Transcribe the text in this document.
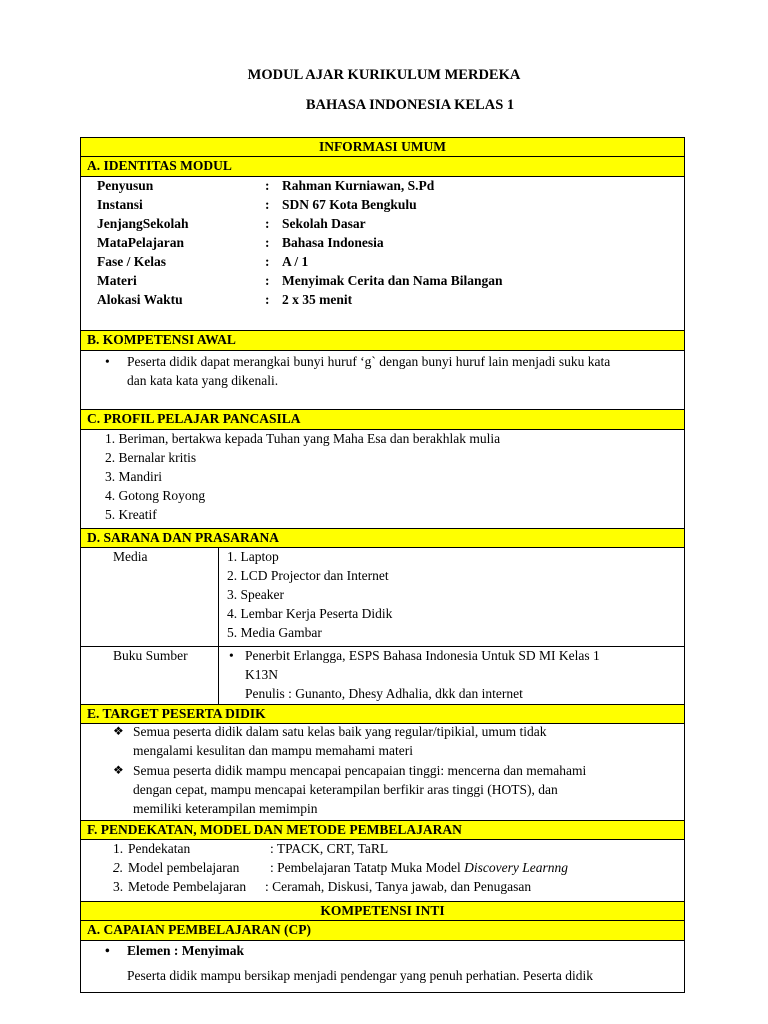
MODUL AJAR KURIKULUM MERDEKA
BAHASA INDONESIA KELAS 1
INFORMASI UMUM
A. IDENTITAS MODUL
Penyusun	: Rahman Kurniawan, S.Pd
Instansi	: SDN 67 Kota Bengkulu
JenjangSekolah	: Sekolah Dasar
MataPelajaran	: Bahasa Indonesia
Fase / Kelas	: A / 1
Materi	: Menyimak Cerita dan Nama Bilangan
Alokasi Waktu	: 2 x 35 menit
B. KOMPETENSI AWAL
• Peserta didik dapat merangkai bunyi huruf ‘g` dengan bunyi huruf lain menjadi suku kata
dan kata kata yang dikenali.
C. PROFIL PELAJAR PANCASILA
1. Beriman, bertakwa kepada Tuhan yang Maha Esa dan berakhlak mulia
2. Bernalar kritis
3. Mandiri
4. Gotong Royong
5. Kreatif
D. SARANA DAN PRASARANA
Media	1. Laptop
2. LCD Projector dan Internet
3. Speaker
4. Lembar Kerja Peserta Didik
5. Media Gambar
Buku Sumber	• Penerbit Erlangga, ESPS Bahasa Indonesia Untuk SD MI Kelas 1
K13N
Penulis : Gunanto, Dhesy Adhalia, dkk dan internet
E. TARGET PESERTA DIDIK
❖ Semua peserta didik dalam satu kelas baik yang regular/tipikial, umum tidak
mengalami kesulitan dan mampu memahami materi
❖ Semua peserta didik mampu mencapai pencapaian tinggi: mencerna dan memahami
dengan cepat, mampu mencapai keterampilan berfikir aras tinggi (HOTS), dan
memiliki keterampilan memimpin
F. PENDEKATAN, MODEL DAN METODE PEMBELAJARAN
1. Pendekatan	: TPACK, CRT, TaRL
2. Model pembelajaran : Pembelajaran Tatatp Muka Model Discovery Learnng
3. Metode Pembelajaran : Ceramah, Diskusi, Tanya jawab, dan Penugasan
KOMPETENSI INTI
A. CAPAIAN PEMBELAJARAN (CP)
• Elemen : Menyimak
Peserta didik mampu bersikap menjadi pendengar yang penuh perhatian. Peserta didik
